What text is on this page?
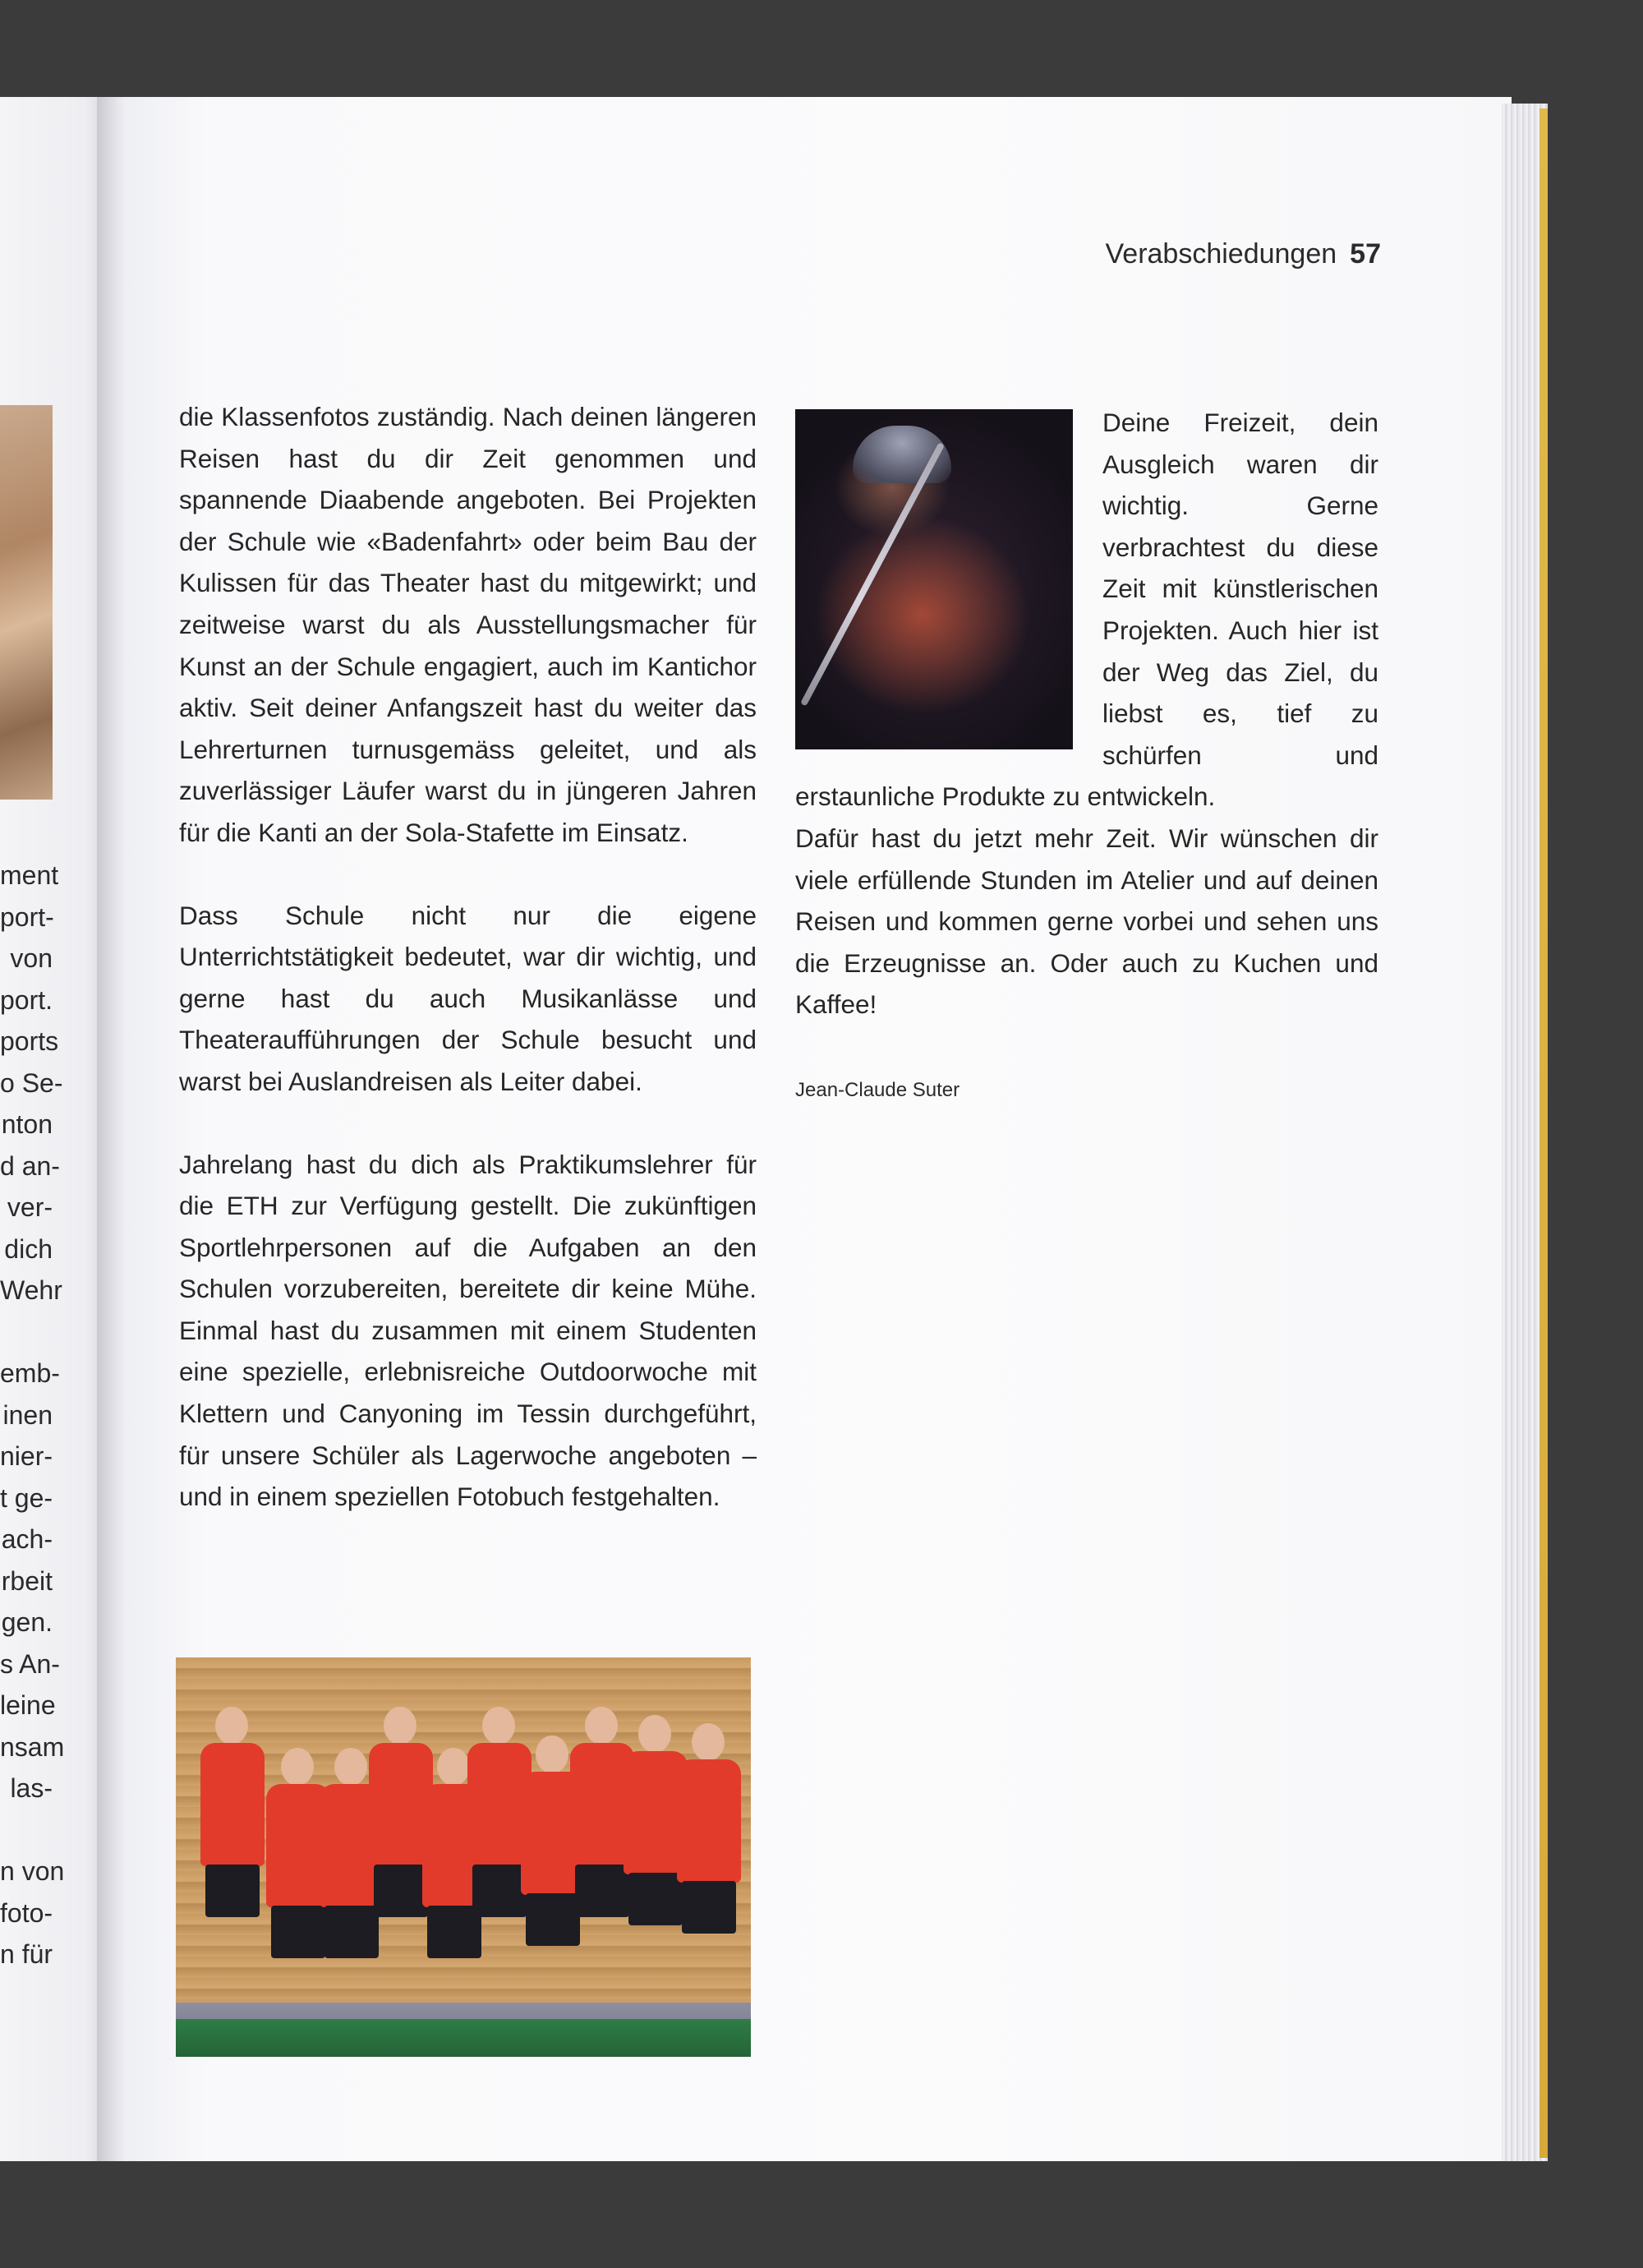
ment
port-
von
port.
ports
o Se-
nton
d an-
ver-
dich
Wehr
emb-
inen
nier-
t ge-
ach-
rbeit
gen.
s An-
leine
nsam
las-
n von
foto-
n für
Verabschiedungen 57

die Klassenfotos zuständig. Nach deinen längeren Reisen hast du dir Zeit genommen und spannende Diaabende angeboten. Bei Projekten der Schule wie «Badenfahrt» oder beim Bau der Kulissen für das Theater hast du mitgewirkt; und zeitweise warst du als Ausstellungsmacher für Kunst an der Schule engagiert, auch im Kantichor aktiv. Seit deiner Anfangszeit hast du weiter das Lehrerturnen turnusgemäss geleitet, und als zuverlässiger Läufer warst du in jüngeren Jahren für die Kanti an der Sola-Stafette im Einsatz.

Dass Schule nicht nur die eigene Unterrichtstätigkeit bedeutet, war dir wichtig, und gerne hast du auch Musikanlässe und Theateraufführungen der Schule besucht und warst bei Auslandreisen als Leiter dabei.

Jahrelang hast du dich als Praktikumslehrer für die ETH zur Verfügung gestellt. Die zukünftigen Sportlehrpersonen auf die Aufgaben an den Schulen vorzubereiten, bereitete dir keine Mühe. Einmal hast du zusammen mit einem Studenten eine spezielle, erlebnisreiche Outdoorwoche mit Klettern und Canyoning im Tessin durchgeführt, für unsere Schüler als Lagerwoche angeboten – und in einem speziellen Fotobuch festgehalten.

Deine Freizeit, dein Ausgleich waren dir wichtig. Gerne verbrachtest du diese Zeit mit künstlerischen Projekten. Auch hier ist der Weg das Ziel, du liebst es, tief zu schürfen und erstaunliche Produkte zu entwickeln.

Dafür hast du jetzt mehr Zeit. Wir wünschen dir viele erfüllende Stunden im Atelier und auf deinen Reisen und kommen gerne vorbei und sehen uns die Erzeugnisse an. Oder auch zu Kuchen und Kaffee!

Jean-Claude Suter
